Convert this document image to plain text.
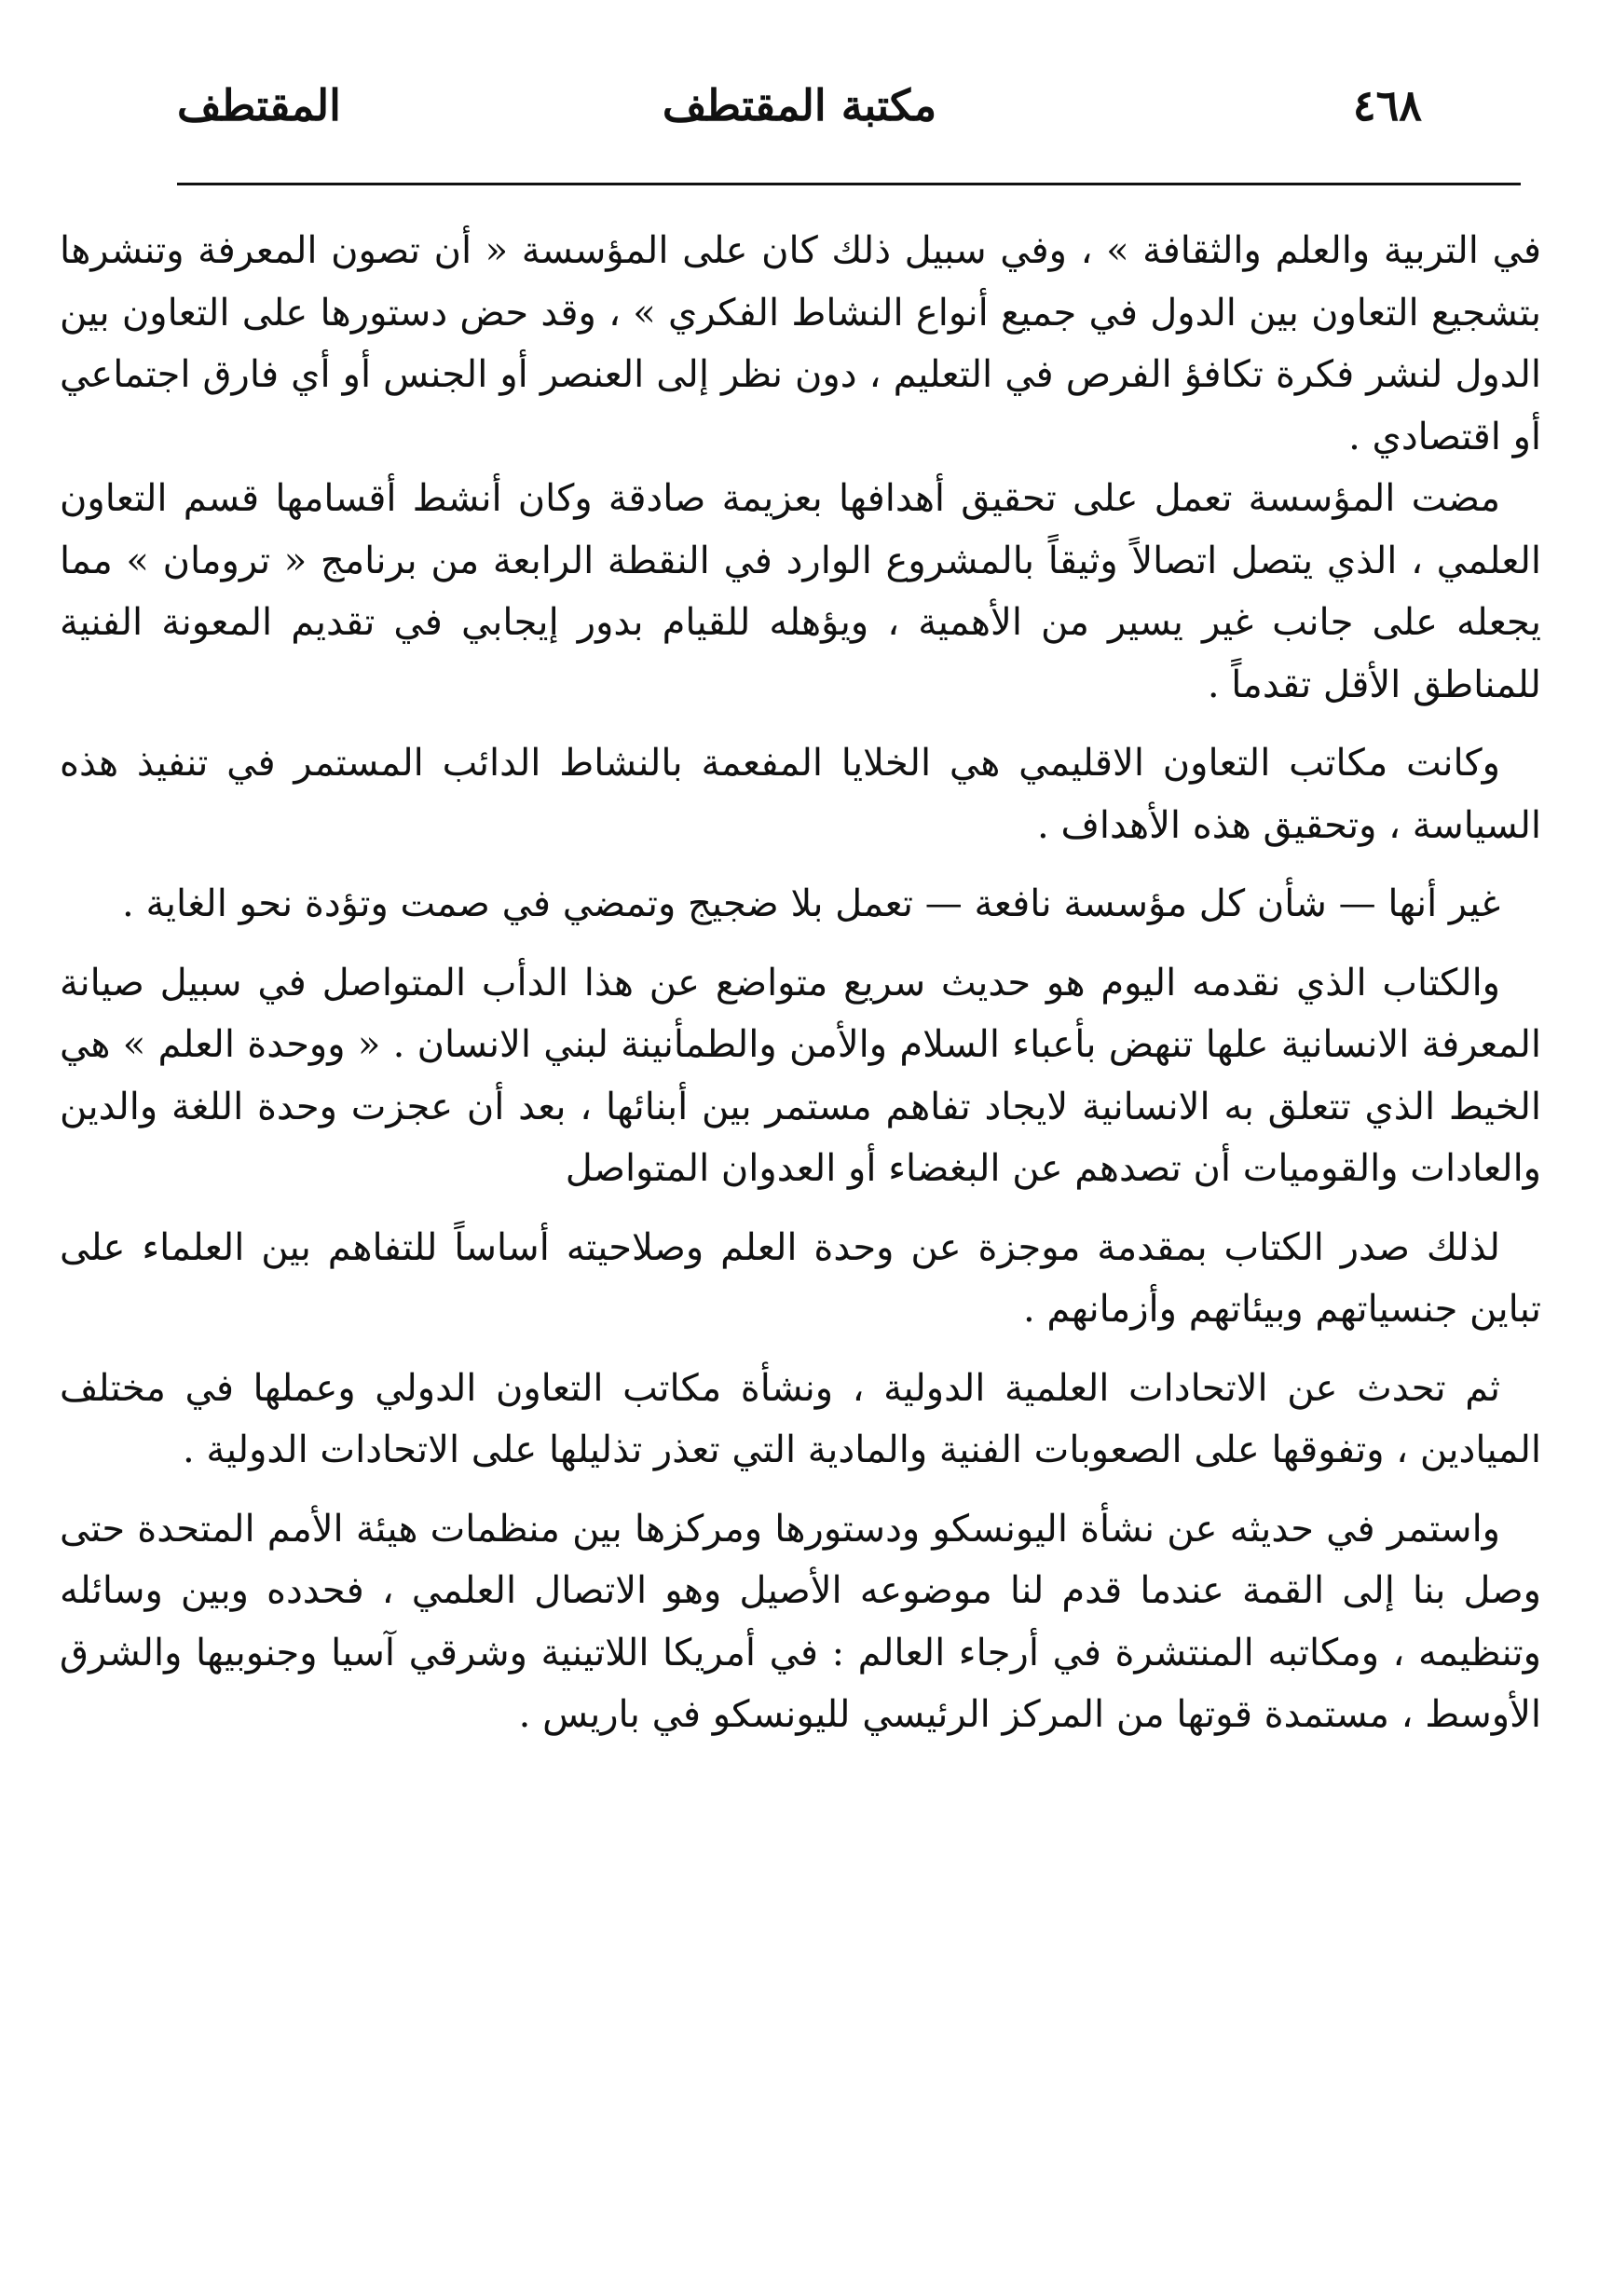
المقتطف	مكتبة المقتطف	٤٦٨

في التربية والعلم والثقافة » ، وفي سبيل ذلك كان على المؤسسة « أن تصون المعرفة وتنشرها بتشجيع التعاون بين الدول في جميع أنواع النشاط الفكري » ، وقد حض دستورها على التعاون بين الدول لنشر فكرة تكافؤ الفرص في التعليم ، دون نظر إلى العنصر أو الجنس أو أي فارق اجتماعي أو اقتصادي .

مضت المؤسسة تعمل على تحقيق أهدافها بعزيمة صادقة وكان أنشط أقسامها قسم التعاون العلمي ، الذي يتصل اتصالاً وثيقاً بالمشروع الوارد في النقطة الرابعة من برنامج « ترومان » مما يجعله على جانب غير يسير من الأهمية ، ويؤهله للقيام بدور إيجابي في تقديم المعونة الفنية للمناطق الأقل تقدماً .

وكانت مكاتب التعاون الاقليمي هي الخلايا المفعمة بالنشاط الدائب المستمر في تنفيذ هذه السياسة ، وتحقيق هذه الأهداف .

غير أنها — شأن كل مؤسسة نافعة — تعمل بلا ضجيج وتمضي في صمت وتؤدة نحو الغاية .

والكتاب الذي نقدمه اليوم هو حديث سريع متواضع عن هذا الدأب المتواصل في سبيل صيانة المعرفة الانسانية علها تنهض بأعباء السلام والأمن والطمأنينة لبني الانسان . « ووحدة العلم » هي الخيط الذي تتعلق به الانسانية لايجاد تفاهم مستمر بين أبنائها ، بعد أن عجزت وحدة اللغة والدين والعادات والقوميات أن تصدهم عن البغضاء أو العدوان المتواصل

لذلك صدر الكتاب بمقدمة موجزة عن وحدة العلم وصلاحيته أساساً للتفاهم بين العلماء على تباين جنسياتهم وبيئاتهم وأزمانهم .

ثم تحدث عن الاتحادات العلمية الدولية ، ونشأة مكاتب التعاون الدولي وعملها في مختلف الميادين ، وتفوقها على الصعوبات الفنية والمادية التي تعذر تذليلها على الاتحادات الدولية .

واستمر في حديثه عن نشأة اليونسكو ودستورها ومركزها بين منظمات هيئة الأمم المتحدة حتى وصل بنا إلى القمة عندما قدم لنا موضوعه الأصيل وهو الاتصال العلمي ، فحدده وبين وسائله وتنظيمه ، ومكاتبه المنتشرة في أرجاء العالم : في أمريكا اللاتينية وشرقي آسيا وجنوبيها والشرق الأوسط ، مستمدة قوتها من المركز الرئيسي لليونسكو في باريس .
